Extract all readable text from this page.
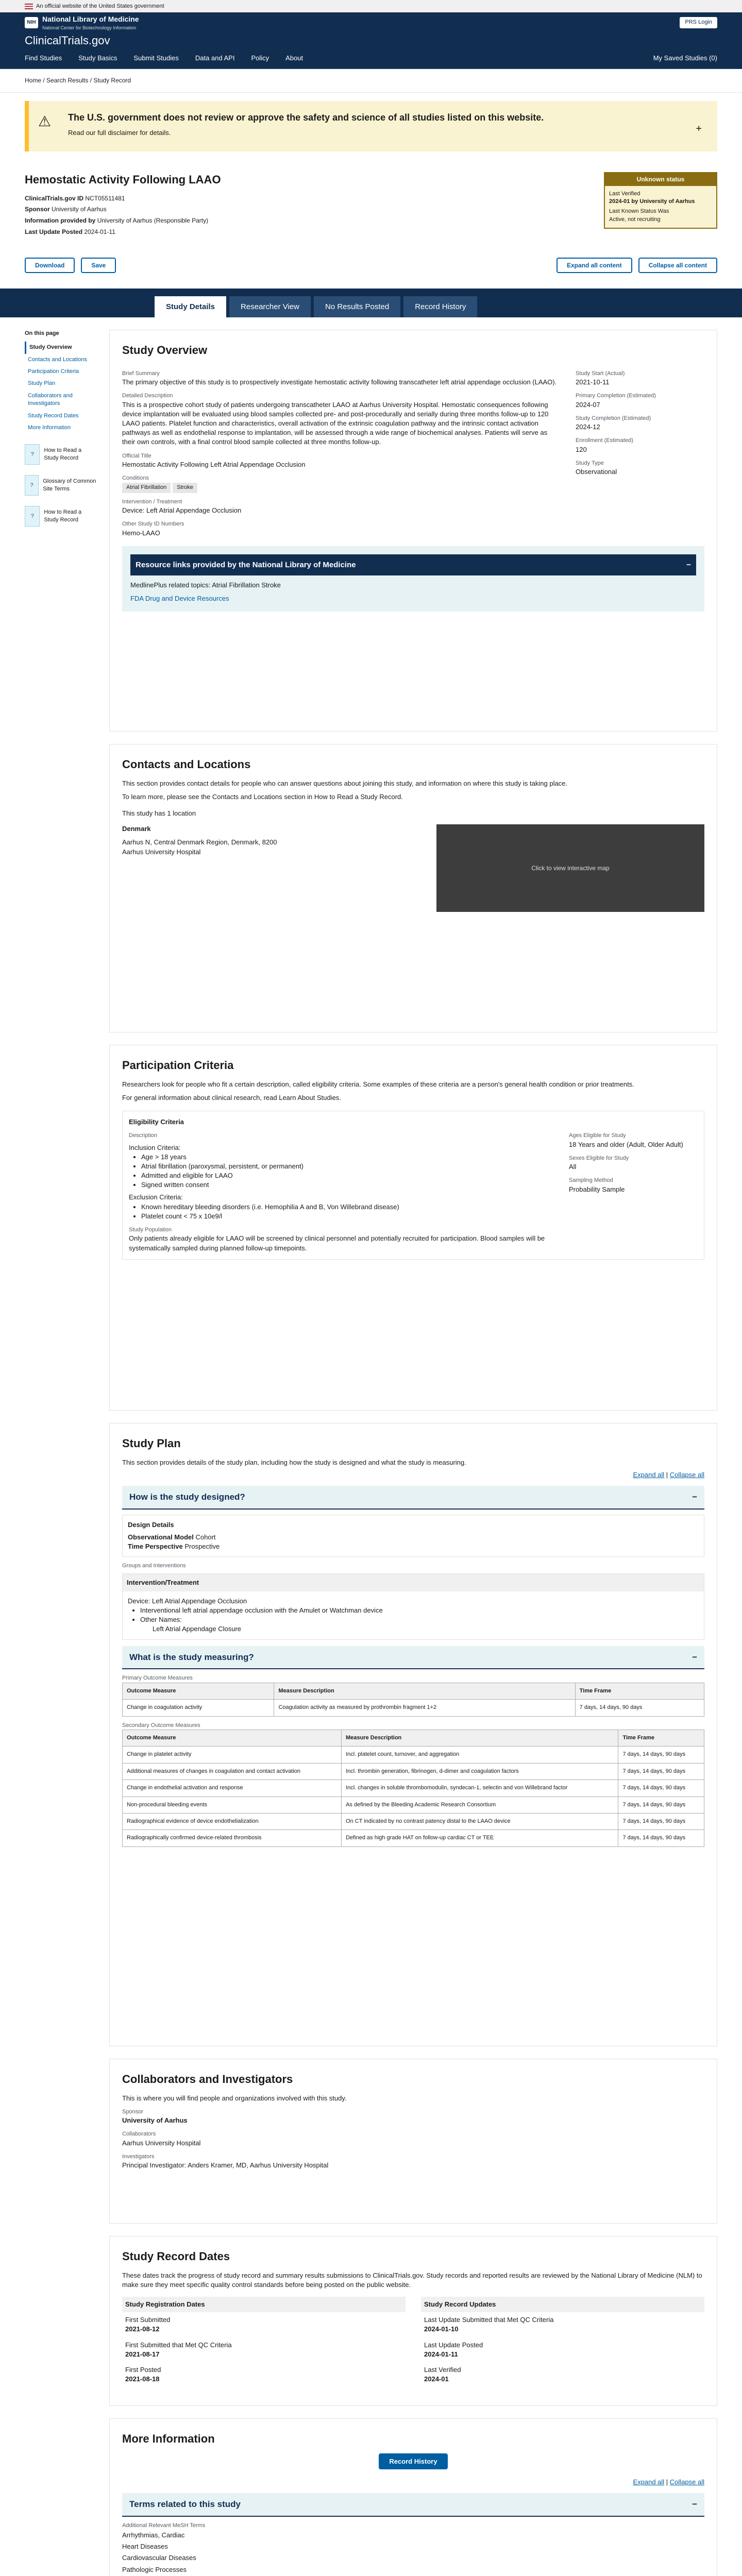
An official website of the United States government
NIH National Library of Medicine
National Center for Biotechnology Information
PRS Login
ClinicalTrials.gov
Find Studies Study Basics Submit Studies Data and API Policy About	My Saved Studies (0)
Home / Search Results / Study Record
⚠ The U.S. government does not review or approve the safety and science of all studies listed on this website.

Read our full disclaimer for details.	+
Hemostatic Activity Following LAAO
ClinicalTrials.gov ID NCT05511481
Sponsor University of Aarhus
Information provided by University of Aarhus (Responsible Party)
Last Update Posted 2024-01-11
Unknown status
Last Verified
2024-01 by University of Aarhus
Last Known Status Was
Active, not recruiting
Download	Save	Expand all content	Collapse all content
Study Details	Researcher View	No Results Posted	Record History
On this page
Study Overview
Contacts and Locations
Participation Criteria
Study Plan
Collaborators and Investigators
Study Record Dates
More Information
?
How to Read a Study Record
?
Glossary of Common Site Terms
?
How to Read a Study Record
Study Overview
Brief Summary

The primary objective of this study is to prospectively investigate hemostatic activity following transcatheter left atrial appendage occlusion (LAAO).

Detailed Description

This is a prospective cohort study of patients undergoing transcatheter LAAO at Aarhus University Hospital. Hemostatic consequences following device implantation will be evaluated using blood samples collected pre- and post-procedurally and serially during three months follow-up to 120 LAAO patients. Platelet function and characteristics, overall activation of the extrinsic coagulation pathway and the intrinsic contact activation pathways as well as endothelial response to implantation, will be assessed through a wide range of biochemical analyses. Patients will serve as their own controls, with a final control blood sample collected at three months follow-up.

Official Title

Hemostatic Activity Following Left Atrial Appendage Occlusion

Conditions
Atrial Fibrillation Stroke
Intervention / Treatment

Device: Left Atrial Appendage Occlusion

Other Study ID Numbers

Hemo-LAAO

Study Start (Actual)

2021-10-11

Primary Completion (Estimated)

2024-07

Study Completion (Estimated)

2024-12

Enrollment (Estimated)

120

Study Type

Observational

Resource links provided by the National Library of Medicine	−

MedlinePlus related topics: Atrial Fibrillation Stroke

FDA Drug and Device Resources

Contacts and Locations

This section provides contact details for people who can answer questions about joining this study, and information on where this study is taking place.

To learn more, please see the Contacts and Locations section in How to Read a Study Record.

This study has 1 location

Denmark

Aarhus N, Central Denmark Region, Denmark, 8200

Aarhus University Hospital

Click to view interactive map
Participation Criteria

Researchers look for people who fit a certain description, called eligibility criteria. Some examples of these criteria are a person's general health condition or prior treatments.

For general information about clinical research, read Learn About Studies.

Eligibility Criteria
Description

Inclusion Criteria:

• Age > 18 years
• Atrial fibrillation (paroxysmal, persistent, or permanent)
• Admitted and eligible for LAAO
• Signed written consent

Exclusion Criteria:

• Known hereditary bleeding disorders (i.e. Hemophilia A and B, Von Willebrand disease)
• Platelet count < 75 x 10e9/l
Study Population

Only patients already eligible for LAAO will be screened by clinical personnel and potentially recruited for participation. Blood samples will be systematically sampled during planned follow-up timepoints.

Ages Eligible for Study

18 Years and older (Adult, Older Adult)

Sexes Eligible for Study

All

Sampling Method

Probability Sample

Study Plan

This section provides details of the study plan, including how the study is designed and what the study is measuring.

Expand all | Collapse all
How is the study designed?	−
Design Details

Observational Model Cohort

Time Perspective Prospective

Groups and Interventions
Intervention/Treatment

Device: Left Atrial Appendage Occlusion

• Interventional left atrial appendage occlusion with the Amulet or Watchman device
• Other Names:

Left Atrial Appendage Closure

What is the study measuring?	−
Primary Outcome Measures
Outcome Measure	Measure Description	Time Frame
Change in coagulation activity	Coagulation activity as measured by prothrombin fragment 1+2	7 days, 14 days, 90 days
Secondary Outcome Measures
Outcome Measure	Measure Description	Time Frame
Change in platelet activity	Incl. platelet count, turnover, and aggregation	7 days, 14 days, 90 days
Additional measures of changes in coagulation and contact activation	Incl. thrombin generation, fibrinogen, d-dimer and coagulation factors	7 days, 14 days, 90 days
Change in endothelial activation and response	Incl. changes in soluble thrombomodulin, syndecan-1, selectin and von Willebrand factor	7 days, 14 days, 90 days
Non-procedural bleeding events	As defined by the Bleeding Academic Research Consortium	7 days, 14 days, 90 days
Radiographical evidence of device endothelialization	On CT indicated by no contrast patency distal to the LAAO device	7 days, 14 days, 90 days
Radiographically confirmed device-related thrombosis	Defined as high grade HAT on follow-up cardiac CT or TEE	7 days, 14 days, 90 days
Collaborators and Investigators

This is where you will find people and organizations involved with this study.

Sponsor
University of Aarhus
Collaborators

Aarhus University Hospital

Investigators

Principal Investigator: Anders Kramer, MD, Aarhus University Hospital

Study Record Dates

These dates track the progress of study record and summary results submissions to ClinicalTrials.gov. Study records and reported results are reviewed by the National Library of Medicine (NLM) to make sure they meet specific quality control standards before being posted on the public website.

Study Registration Dates
First Submitted
2021-08-12
First Submitted that Met QC Criteria
2021-08-17
First Posted
2021-08-18
Study Record Updates
Last Update Submitted that Met QC Criteria
2024-01-10
Last Update Posted
2024-01-11
Last Verified
2024-01
More Information
Record History
Expand all | Collapse all
Terms related to this study	−
Additional Relevant MeSH Terms
Arrhythmias, Cardiac
Heart Diseases
Cardiovascular Diseases
Pathologic Processes
